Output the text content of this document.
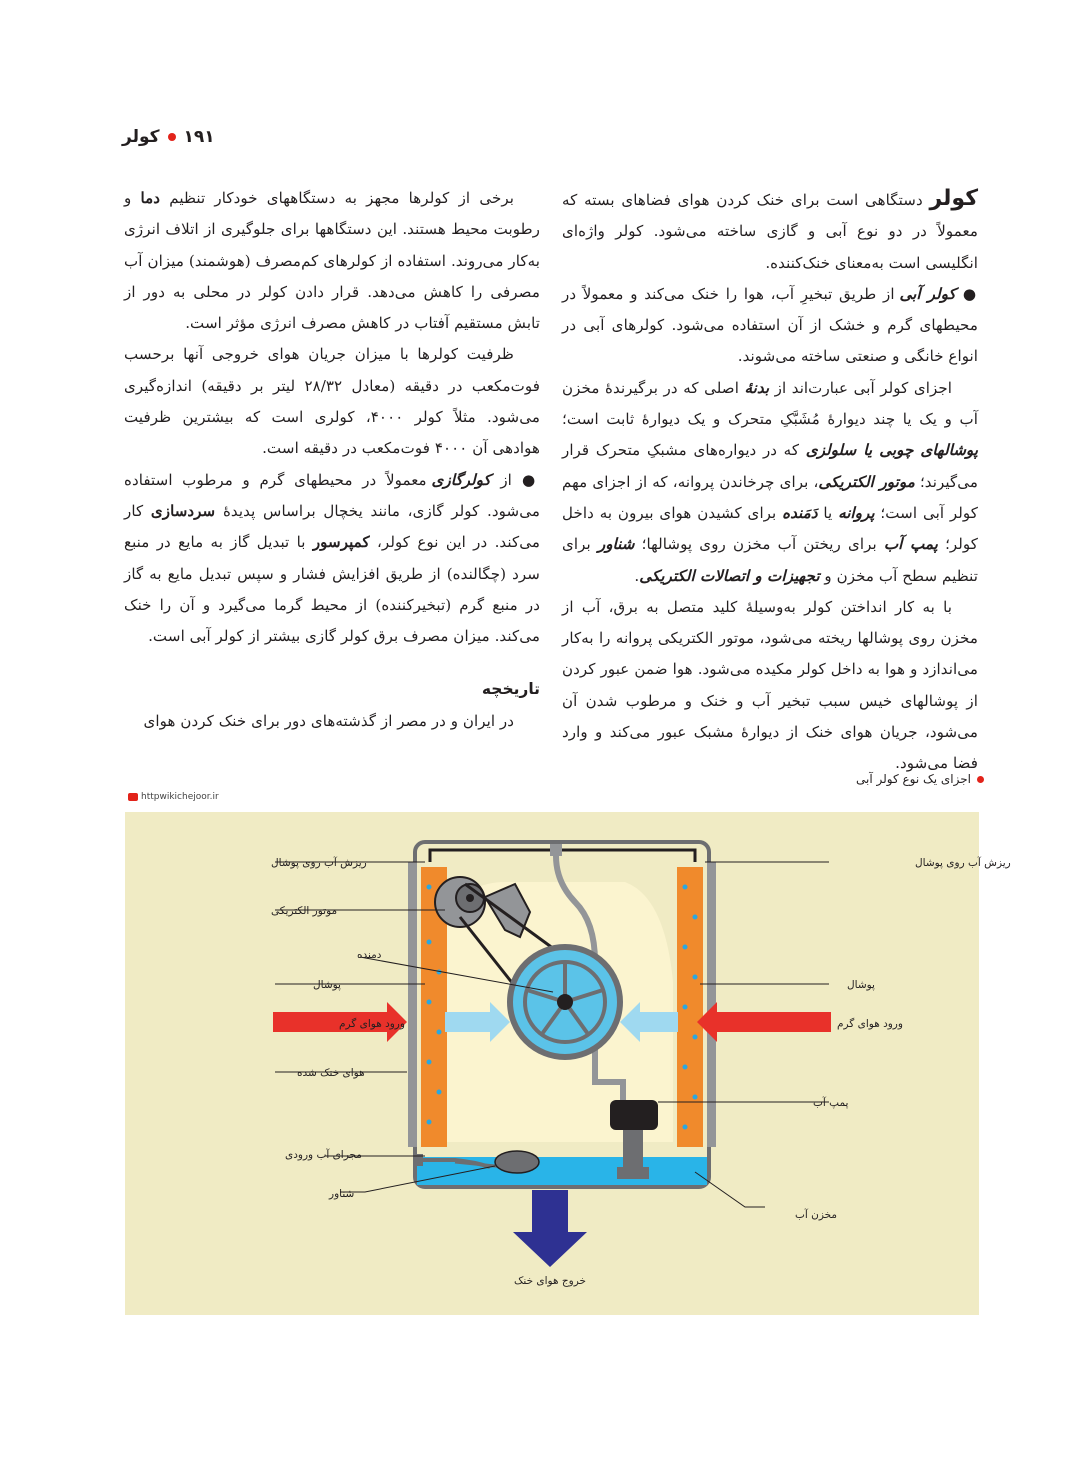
۱۹۱
کولر

کولر دستگاهی است برای خنک کردن هوای فضاهای بسته که معمولاً در دو نوع آبی و گازی ساخته می‌شود. کولر واژه‌ای انگلیسی است به‌معنای خنک‌کننده.

● کولر آبی از طریق تبخیرِ آب، هوا را خنک می‌کند و معمولاً در محیطهای گرم و خشک از آن استفاده می‌شود. کولرهای آبی در انواع خانگی و صنعتی ساخته می‌شوند.

اجزای کولر آبی عبارت‌اند از بدنهٔ اصلی که در برگیرندهٔ مخزن آب و یک یا چند دیوارهٔ مُشَبَّکِ متحرک و یک دیوارهٔ ثابت است؛ پوشالهای چوبی یا سلولزی که در دیواره‌های مشبکِ متحرک قرار می‌گیرند؛ موتور الکتریکی، برای چرخاندن پروانه، که از اجزای مهم کولر آبی است؛ پروانه یا دَمَنده برای کشیدن هوای بیرون به داخل کولر؛ پمپ آب برای ریختن آب مخزن روی پوشالها؛ شناور برای تنظیم سطح آب مخزن و تجهیزات و اتصالات الکتریکی.

با به کار انداختن کولر به‌وسیلهٔ کلید متصل به برق، آب از مخزن روی پوشالها ریخته می‌شود، موتور الکتریکی پروانه را به‌کار می‌اندازد و هوا به داخل کولر مکیده می‌شود. هوا ضمن عبور کردن از پوشالهای خیس سبب تبخیر آب و خنک و مرطوب شدن آن می‌شود، جریان هوای خنک از دیوارهٔ مشبک عبور می‌کند و وارد فضا می‌شود.

برخی از کولرها مجهز به دستگاههای خودکار تنظیم دما و رطوبت محیط هستند. این دستگاهها برای جلوگیری از اتلاف انرژی به‌کار می‌روند. استفاده از کولرهای کم‌مصرف (هوشمند) میزان آب مصرفی را کاهش می‌دهد. قرار دادن کولر در محلی به دور از تابش مستقیم آفتاب در کاهش مصرف انرژی مؤثر است.

ظرفیت کولرها با میزان جریان هوای خروجی آنها برحسب فوت‌مکعب در دقیقه (معادل ۲۸/۳۲ لیتر بر دقیقه) اندازه‌گیری می‌شود. مثلاً کولر ۴۰۰۰، کولری است که بیشترین ظرفیت هوادهی آن ۴۰۰۰ فوت‌مکعب در دقیقه است.

● از کولرگازی معمولاً در محیطهای گرم و مرطوب استفاده می‌شود. کولر گازی، مانند یخچال براساس پدیدهٔ سردسازی کار می‌کند. در این نوع کولر، کمپرسور با تبدیل گاز به مایع در منبع سرد (چگالنده) از طریق افزایش فشار و سپس تبدیل مایع به گاز در منبع گرم (تبخیرکننده) از محیط گرما می‌گیرد و آن را خنک می‌کند. میزان مصرف برق کولر گازی بیشتر از کولر آبی است.

تاریخچه

در ایران و در مصر از گذشته‌های دور برای خنک کردن هوای

اجزای یک نوع کولر آبی
httpwikichejoor.ir
ریزش آب روی پوشال
موتور الکتریکی
دمنده
پوشال
ورود هوای گرم
هوای خنک شده
مجرای آب ورودی
شناور
ریزش آب روی پوشال
پوشال
ورود هوای گرم
پمپ آب
مخزن آب
خروج هوای خنک
